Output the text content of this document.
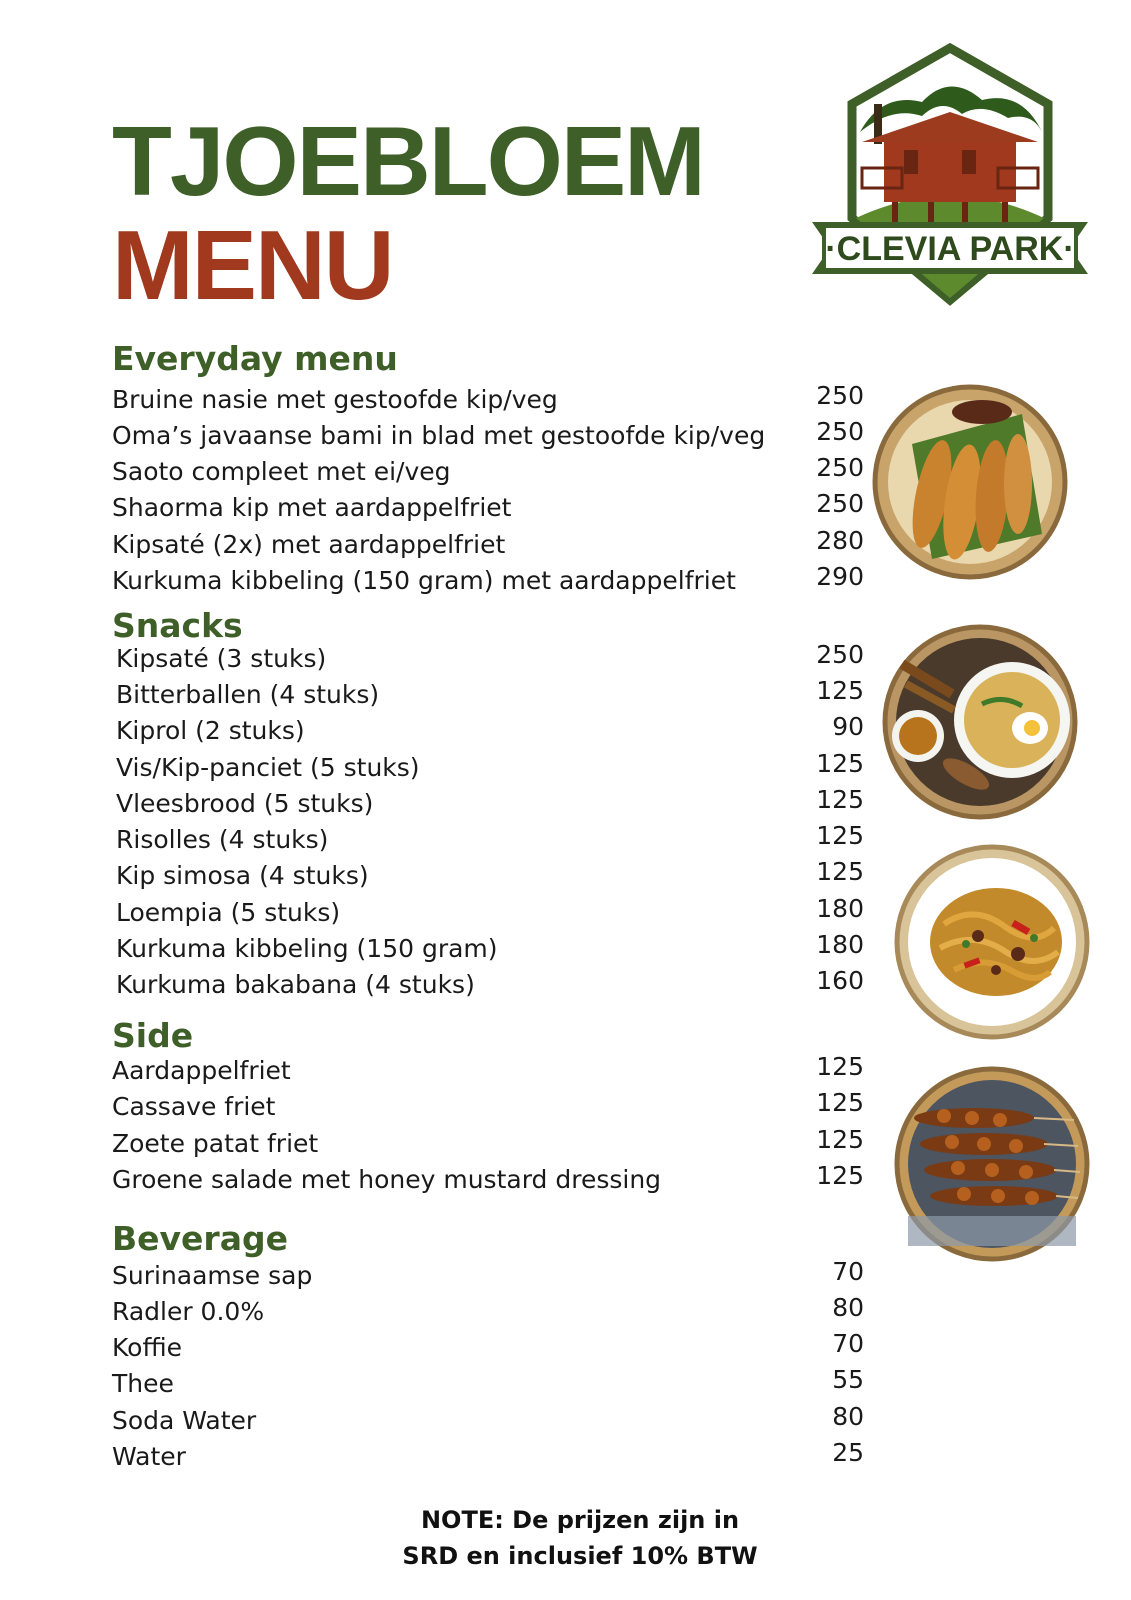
TJOEBLOEM
MENU	·CLEVIA PARK·
Everyday menu
Bruine nasie met gestoofde kip/veg	250
Oma’s javaanse bami in blad met gestoofde kip/veg 250
Saoto compleet met ei/veg	250
Shaorma kip met aardappelfriet	250
Kipsaté (2x) met aardappelfriet	280
Kurkuma kibbeling (150 gram) met aardappelfriet	290
Snacks
Kipsaté (3 stuks)	250
Bitterballen (4 stuks)	125
Kiprol (2 stuks)	90
Vis/Kip-panciet (5 stuks)	125
Vleesbrood (5 stuks)	125
Risolles (4 stuks)	125
Kip simosa (4 stuks)	125
Loempia (5 stuks)	180
Kurkuma kibbeling (150 gram)	180
Kurkuma bakabana (4 stuks)	160
Side
Aardappelfriet	125
Cassave friet	125
Zoete patat friet	125
Groene salade met honey mustard dressing	125
Beverage
Surinaamse sap	70
Radler 0.0%	80
Koffie	70
Thee	55
Soda Water	80
Water	25
NOTE: De prijzen zijn in
SRD en inclusief 10% BTW
